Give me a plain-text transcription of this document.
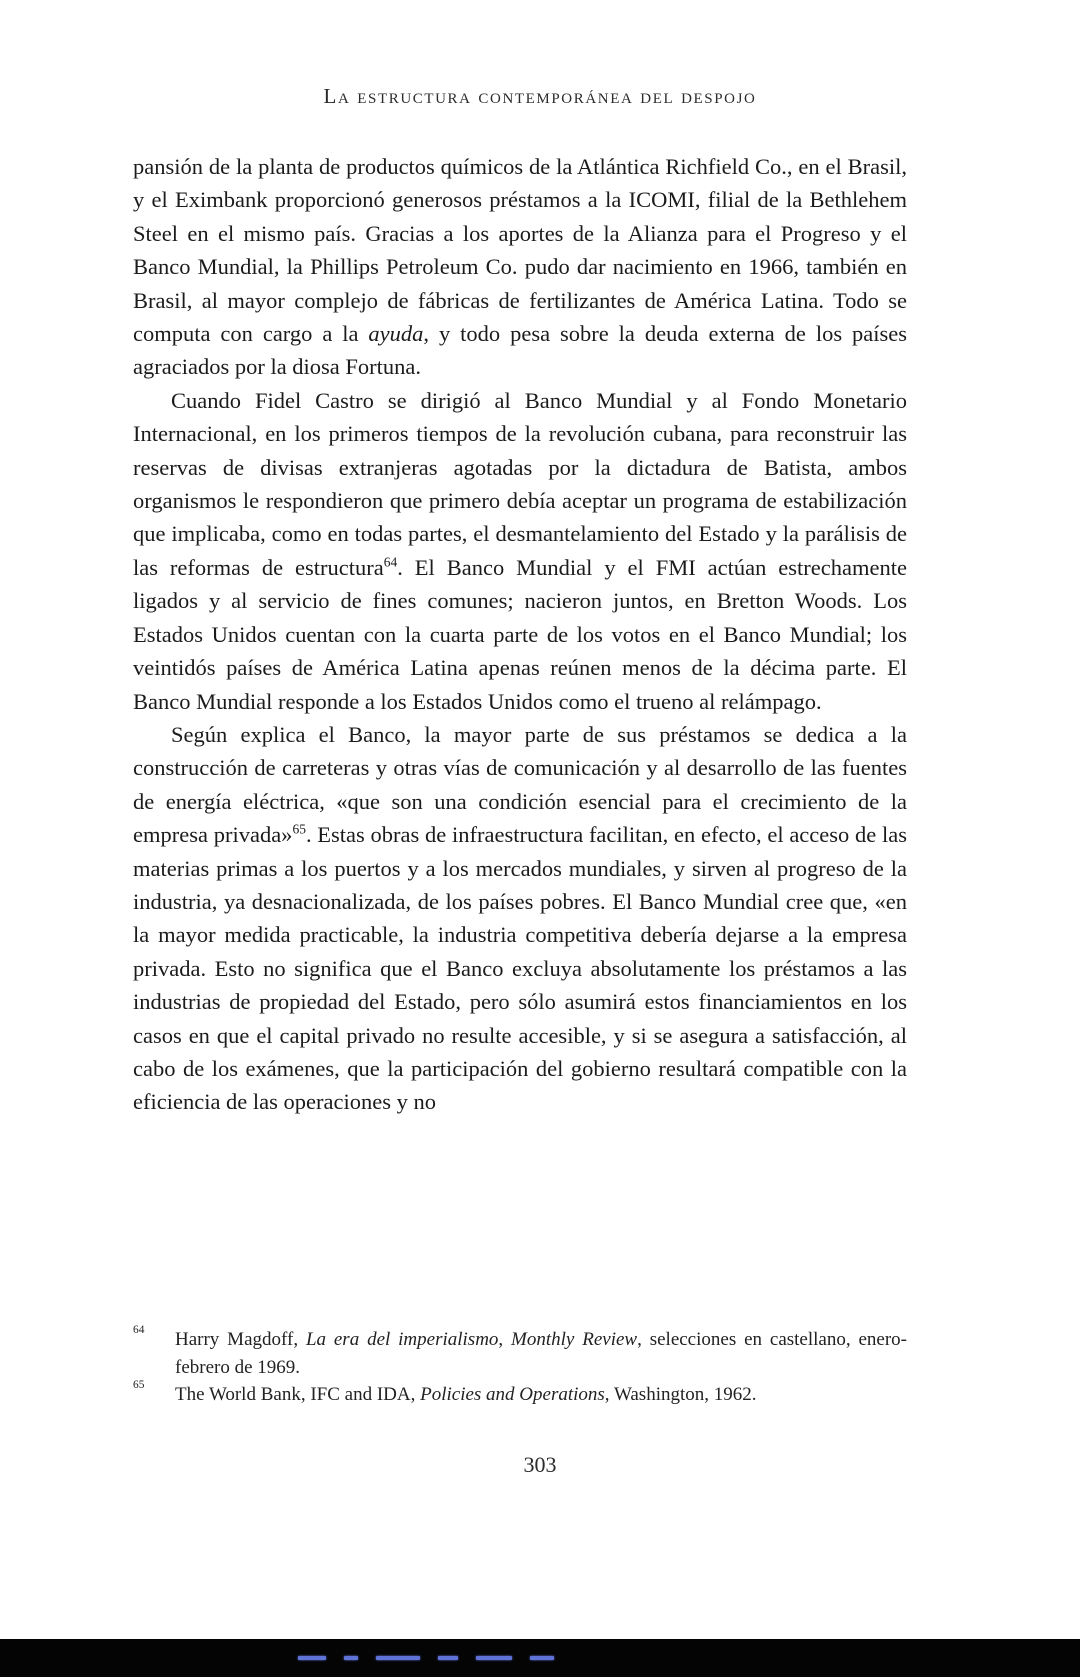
La estructura contemporánea del despojo

pansión de la planta de productos químicos de la Atlántica Richfield Co., en el Brasil, y el Eximbank proporcionó generosos préstamos a la ICOMI, filial de la Bethlehem Steel en el mismo país. Gracias a los aportes de la Alianza para el Progreso y el Banco Mundial, la Phillips Petroleum Co. pudo dar nacimiento en 1966, también en Brasil, al mayor complejo de fábricas de fertilizantes de América Latina. Todo se computa con cargo a la ayuda, y todo pesa sobre la deuda externa de los países agraciados por la diosa Fortuna.

Cuando Fidel Castro se dirigió al Banco Mundial y al Fondo Monetario Internacional, en los primeros tiempos de la revolución cubana, para reconstruir las reservas de divisas extranjeras agotadas por la dictadura de Batista, ambos organismos le respondieron que primero debía aceptar un programa de estabilización que implicaba, como en todas partes, el desmantelamiento del Estado y la parálisis de las reformas de estructura$^{64}$. El Banco Mundial y el FMI actúan estrechamente ligados y al servicio de fines comunes; nacieron juntos, en Bretton Woods. Los Estados Unidos cuentan con la cuarta parte de los votos en el Banco Mundial; los veintidós países de América Latina apenas reúnen menos de la décima parte. El Banco Mundial responde a los Estados Unidos como el trueno al relámpago.

Según explica el Banco, la mayor parte de sus préstamos se dedica a la construcción de carreteras y otras vías de comunicación y al desarrollo de las fuentes de energía eléctrica, «que son una condición esencial para el crecimiento de la empresa privada»$^{65}$. Estas obras de infraestructura facilitan, en efecto, el acceso de las materias primas a los puertos y a los mercados mundiales, y sirven al progreso de la industria, ya desnacionalizada, de los países pobres. El Banco Mundial cree que, «en la mayor medida practicable, la industria competitiva debería dejarse a la empresa privada. Esto no significa que el Banco excluya absolutamente los préstamos a las industrias de propiedad del Estado, pero sólo asumirá estos financiamientos en los casos en que el capital privado no resulte accesible, y si se asegura a satisfacción, al cabo de los exámenes, que la participación del gobierno resultará compatible con la eficiencia de las operaciones y no

64	Harry Magdoff, La era del imperialismo, Monthly Review, selecciones en castellano, enero-febrero de 1969.
65	The World Bank, IFC and IDA, Policies and Operations, Washington, 1962.
303
